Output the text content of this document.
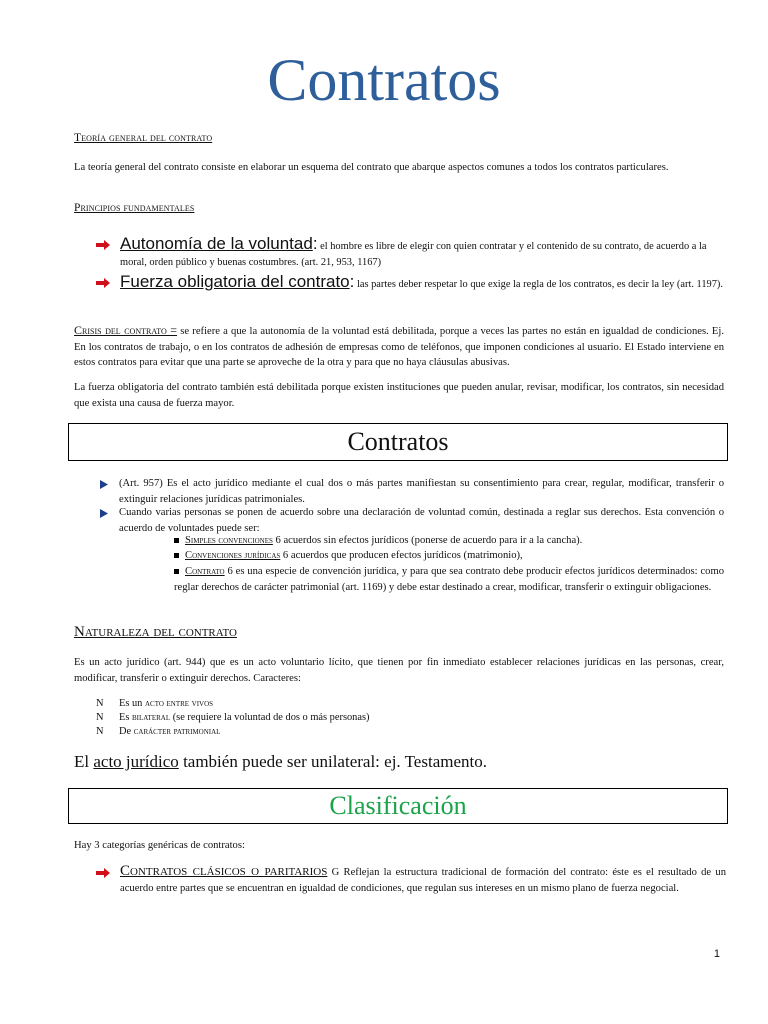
Contratos
Teoría general del contrato
La teoría general del contrato consiste en elaborar un esquema del contrato que abarque aspectos comunes a todos los contratos particulares.
Principios fundamentales
Autonomía de la voluntad: el hombre es libre de elegir con quien contratar y el contenido de su contrato, de acuerdo a la moral, orden público y buenas costumbres. (art. 21, 953, 1167)
Fuerza obligatoria del contrato: las partes deber respetar lo que exige la regla de los contratos, es decir la ley (art. 1197).
Crisis del contrato = se refiere a que la autonomía de la voluntad está debilitada, porque a veces las partes no están en igualdad de condiciones. Ej. En los contratos de trabajo, o en los contratos de adhesión de empresas como de teléfonos, que imponen condiciones al usuario. El Estado interviene en estos contratos para evitar que una parte se aproveche de la otra y para que no haya cláusulas abusivas.
La fuerza obligatoria del contrato también está debilitada porque existen instituciones que pueden anular, revisar, modificar, los contratos, sin necesidad que exista una causa de fuerza mayor.
Contratos
(Art. 957) Es el acto jurídico mediante el cual dos o más partes manifiestan su consentimiento para crear, regular, modificar, transferir o extinguir relaciones jurídicas patrimoniales.
Cuando varias personas se ponen de acuerdo sobre una declaración de voluntad común, destinada a reglar sus derechos. Esta convención o acuerdo de voluntades puede ser:
Simples convenciones 6 acuerdos sin efectos jurídicos (ponerse de acuerdo para ir a la cancha).
Convenciones jurídicas 6 acuerdos que producen efectos jurídicos (matrimonio),
Contrato 6 es una especie de convención jurídica, y para que sea contrato debe producir efectos jurídicos determinados: como reglar derechos de carácter patrimonial (art. 1169) y debe estar destinado a crear, modificar, transferir o extinguir obligaciones.
Naturaleza del contrato
Es un acto jurídico (art. 944) que es un acto voluntario lícito, que tienen por fin inmediato establecer relaciones jurídicas en las personas, crear, modificar, transferir o extinguir derechos. Caracteres:
N Es un acto entre vivos
N Es bilateral (se requiere la voluntad de dos o más personas)
N De carácter patrimonial
El acto jurídico también puede ser unilateral: ej. Testamento.
Clasificación
Hay 3 categorías genéricas de contratos:
Contratos clásicos o paritarios G Reflejan la estructura tradicional de formación del contrato: éste es el resultado de un acuerdo entre partes que se encuentran en igualdad de condiciones, que regulan sus intereses en un mismo plano de fuerza negocial.
1
